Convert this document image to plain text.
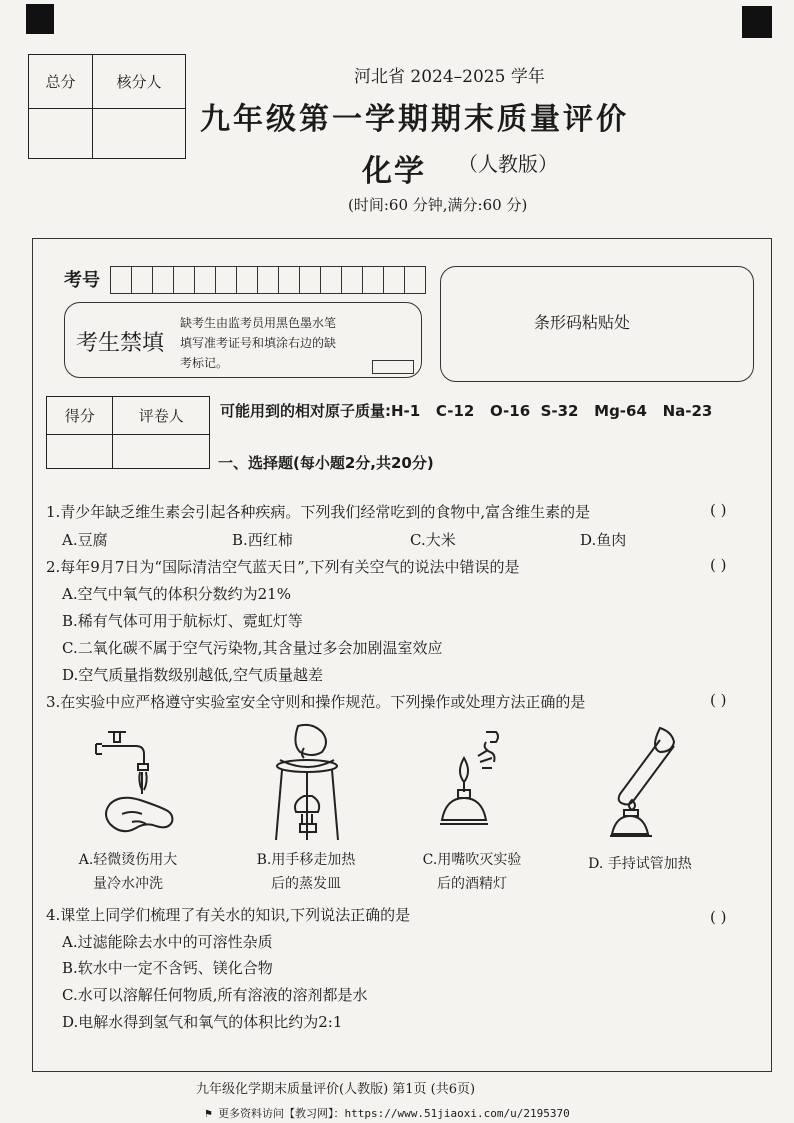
总分	核分人
		河北省 2024–2025 学年
九年级第一学期期末质量评价
化学 （人教版）
(时间:60 分钟,满分:60 分)
考号
考生禁填
缺考生由监考员用黑色墨水笔
填写准考证号和填涂右边的缺
考标记。
条形码粘贴处
得分	评卷人
	可能用到的相对原子质量:H-1   C-12   O-16  S-32   Mg-64   Na-23
一、选择题(每小题2分,共20分)
1.青少年缺乏维生素会引起各种疾病。下列我们经常吃到的食物中,富含维生素的是	( )
A.豆腐	B.西红柿	C.大米	D.鱼肉
2.每年9月7日为“国际清洁空气蓝天日”,下列有关空气的说法中错误的是	( )
A.空气中氧气的体积分数约为21%
B.稀有气体可用于航标灯、霓虹灯等
C.二氧化碳不属于空气污染物,其含量过多会加剧温室效应
D.空气质量指数级别越低,空气质量越差
3.在实验中应严格遵守实验室安全守则和操作规范。下列操作或处理方法正确的是	( )
A.轻微烫伤用大
量冷水冲洗
B.用手移走加热
后的蒸发皿
C.用嘴吹灭实验
后的酒精灯
D. 手持试管加热
4.课堂上同学们梳理了有关水的知识,下列说法正确的是	( )
A.过滤能除去水中的可溶性杂质
B.软水中一定不含钙、镁化合物
C.水可以溶解任何物质,所有溶液的溶剂都是水
D.电解水得到氢气和氧气的体积比约为2:1
九年级化学期末质量评价(人教版) 第1页 (共6页)
⚑ 更多资料访问【教习网】：https://www.51jiaoxi.com/u/2195370
